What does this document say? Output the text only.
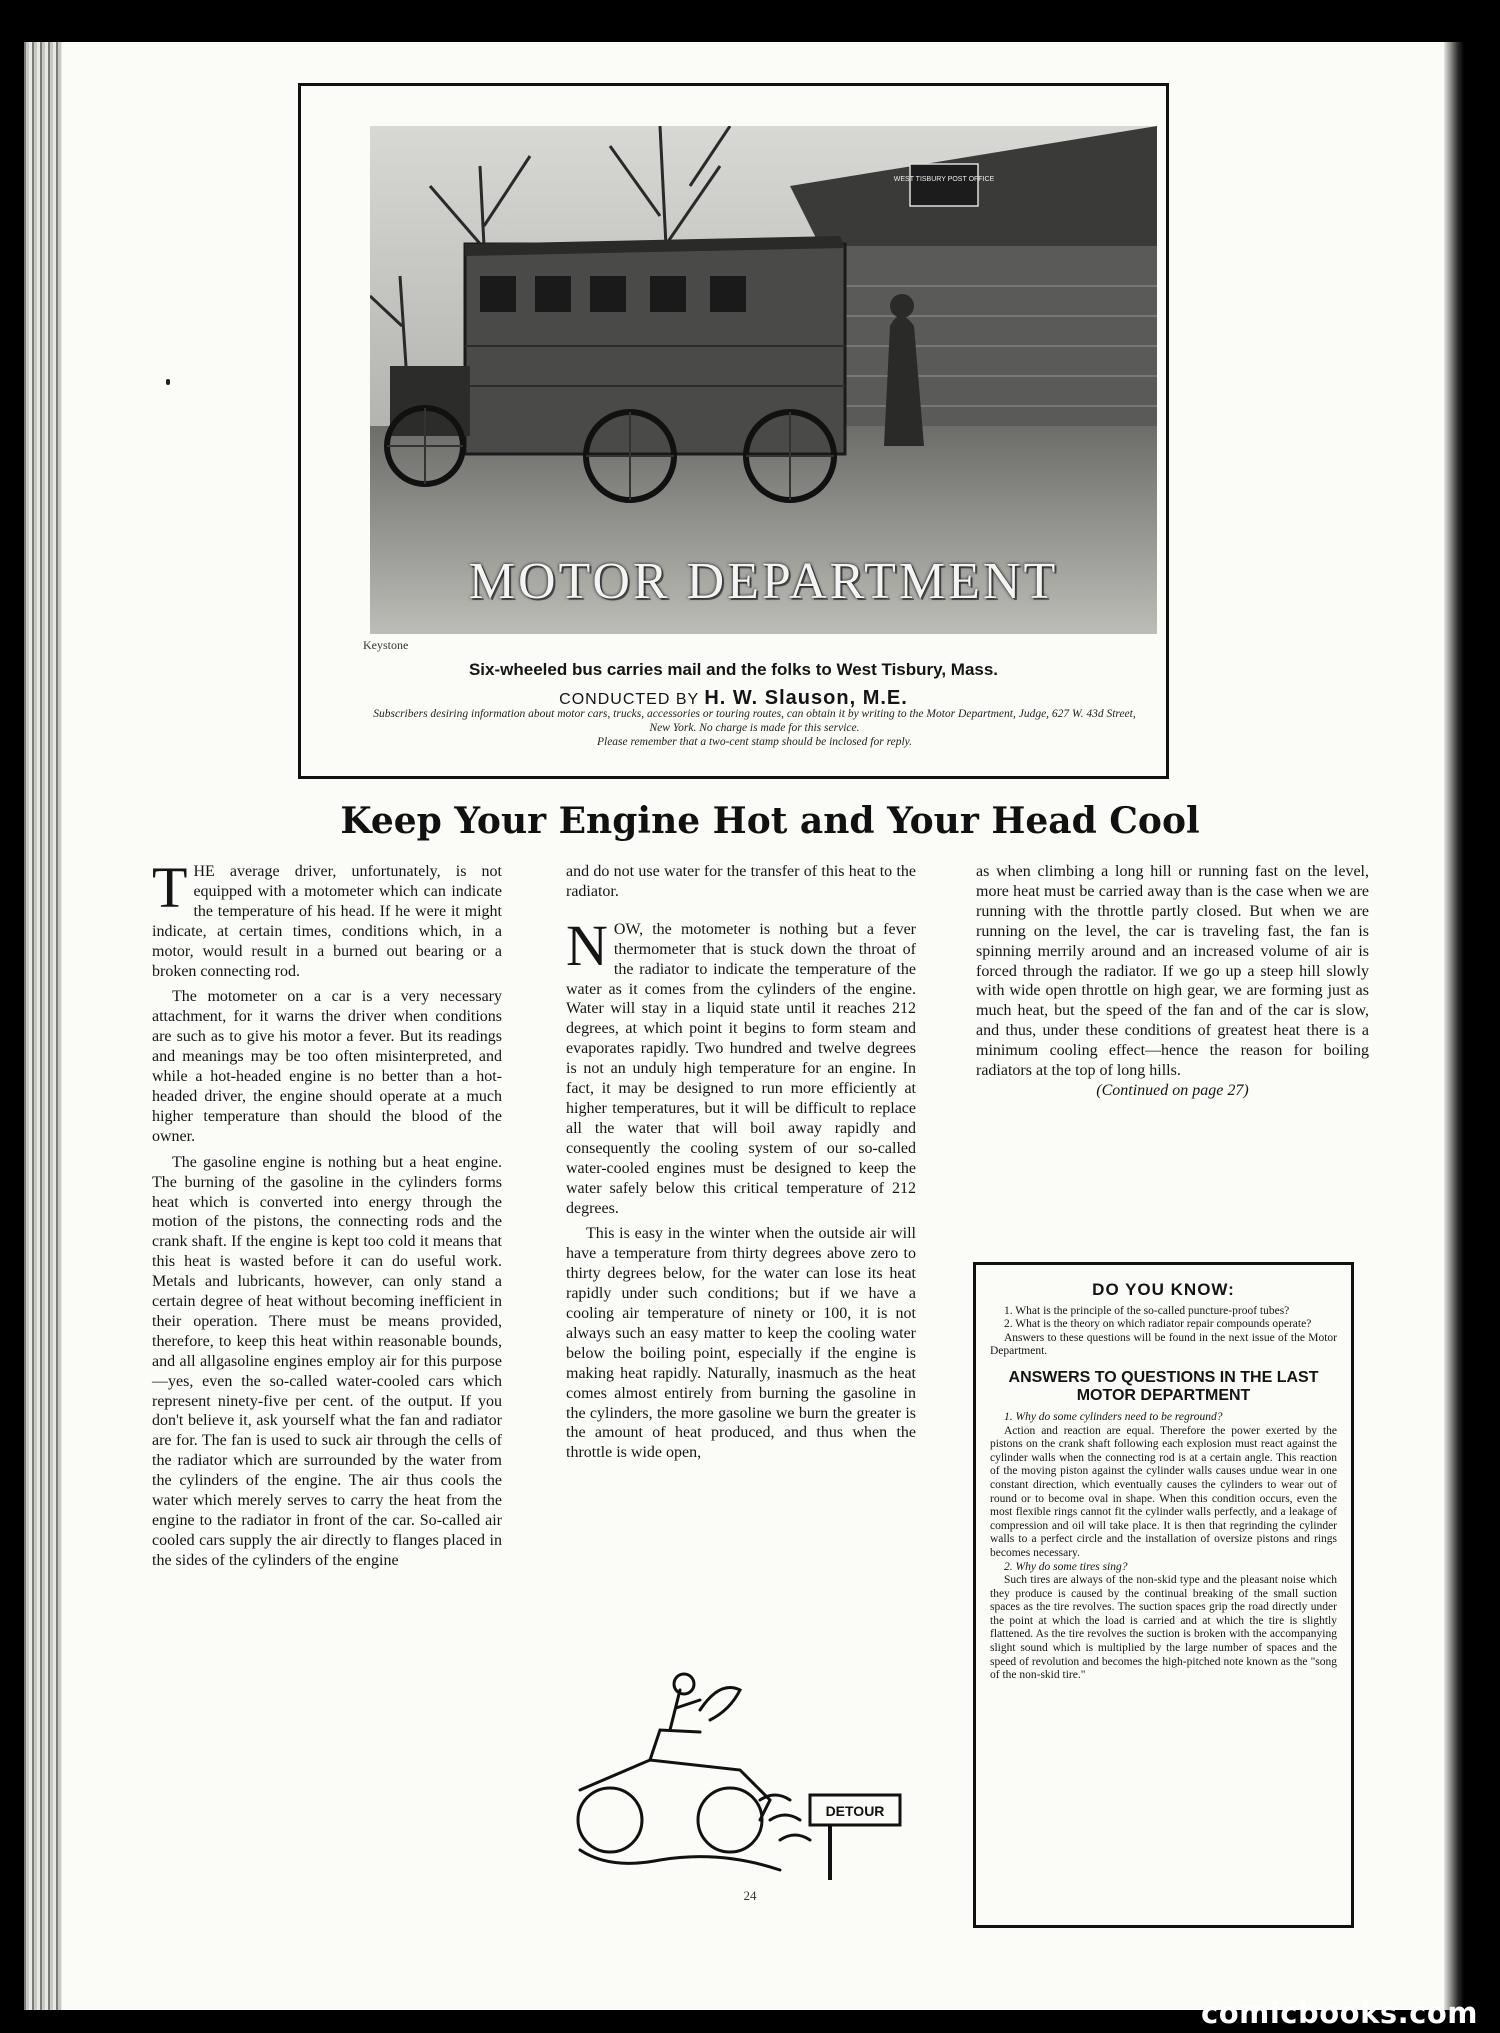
WEST TISBURY POST OFFICE
MOTOR DEPARTMENT
Keystone
Six-wheeled bus carries mail and the folks to West Tisbury, Mass.
CONDUCTED BY H. W. Slauson, M.E.
Subscribers desiring information about motor cars, trucks, accessories or touring routes, can obtain it by writing to the Motor Department, Judge, 627 W. 43d Street, New York. No charge is made for this service.
Please remember that a two-cent stamp should be inclosed for reply.
Keep Your Engine Hot and Your Head Cool

THE average driver, unfortunately, is not equipped with a motometer which can indicate the temperature of his head. If he were it might indicate, at certain times, conditions which, in a motor, would result in a burned out bearing or a broken connecting rod.

The motometer on a car is a very necessary attachment, for it warns the driver when conditions are such as to give his motor a fever. But its readings and meanings may be too often misinterpreted, and while a hot-headed engine is no better than a hot-headed driver, the engine should operate at a much higher temperature than should the blood of the owner.

The gasoline engine is nothing but a heat engine. The burning of the gasoline in the cylinders forms heat which is converted into energy through the motion of the pistons, the connecting rods and the crank shaft. If the engine is kept too cold it means that this heat is wasted before it can do useful work. Metals and lubricants, however, can only stand a certain degree of heat without becoming inefficient in their operation. There must be means provided, therefore, to keep this heat within reasonable bounds, and all allgasoline engines employ air for this purpose—yes, even the so-called water-cooled cars which represent ninety-five per cent. of the output. If you don't believe it, ask yourself what the fan and radiator are for. The fan is used to suck air through the cells of the radiator which are surrounded by the water from the cylinders of the engine. The air thus cools the water which merely serves to carry the heat from the engine to the radiator in front of the car. So-called air cooled cars supply the air directly to flanges placed in the sides of the cylinders of the engine

and do not use water for the transfer of this heat to the radiator.

NOW, the motometer is nothing but a fever thermometer that is stuck down the throat of the radiator to indicate the temperature of the water as it comes from the cylinders of the engine. Water will stay in a liquid state until it reaches 212 degrees, at which point it begins to form steam and evaporates rapidly. Two hundred and twelve degrees is not an unduly high temperature for an engine. In fact, it may be designed to run more efficiently at higher temperatures, but it will be difficult to replace all the water that will boil away rapidly and consequently the cooling system of our so-called water-cooled engines must be designed to keep the water safely below this critical temperature of 212 degrees.

This is easy in the winter when the outside air will have a temperature from thirty degrees above zero to thirty degrees below, for the water can lose its heat rapidly under such conditions; but if we have a cooling air temperature of ninety or 100, it is not always such an easy matter to keep the cooling water below the boiling point, especially if the engine is making heat rapidly. Naturally, inasmuch as the heat comes almost entirely from burning the gasoline in the cylinders, the more gasoline we burn the greater is the amount of heat produced, and thus when the throttle is wide open,

as when climbing a long hill or running fast on the level, more heat must be carried away than is the case when we are running with the throttle partly closed. But when we are running on the level, the car is traveling fast, the fan is spinning merrily around and an increased volume of air is forced through the radiator. If we go up a steep hill slowly with wide open throttle on high gear, we are forming just as much heat, but the speed of the fan and of the car is slow, and thus, under these conditions of greatest heat there is a minimum cooling effect—hence the reason for boiling radiators at the top of long hills.

(Continued on page 27)

DETOUR
DO YOU KNOW:

1. What is the principle of the so-called puncture-proof tubes?

2. What is the theory on which radiator repair compounds operate?

Answers to these questions will be found in the next issue of the Motor Department.

ANSWERS TO QUESTIONS IN THE LAST MOTOR DEPARTMENT

1. Why do some cylinders need to be reground?

Action and reaction are equal. Therefore the power exerted by the pistons on the crank shaft following each explosion must react against the cylinder walls when the connecting rod is at a certain angle. This reaction of the moving piston against the cylinder walls causes undue wear in one constant direction, which eventually causes the cylinders to wear out of round or to become oval in shape. When this condition occurs, even the most flexible rings cannot fit the cylinder walls perfectly, and a leakage of compression and oil will take place. It is then that regrinding the cylinder walls to a perfect circle and the installation of oversize pistons and rings becomes necessary.

2. Why do some tires sing?

Such tires are always of the non-skid type and the pleasant noise which they produce is caused by the continual breaking of the small suction spaces as the tire revolves. The suction spaces grip the road directly under the point at which the load is carried and at which the tire is slightly flattened. As the tire revolves the suction is broken with the accompanying slight sound which is multiplied by the large number of spaces and the speed of revolution and becomes the high-pitched note known as the "song of the non-skid tire."

24
comicbooks.com
